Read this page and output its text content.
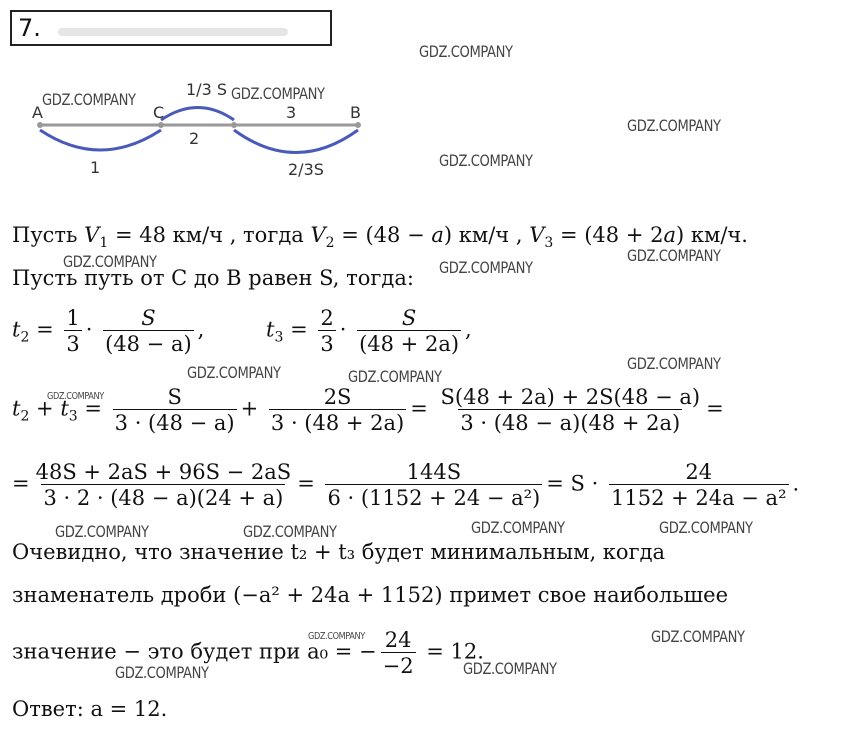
7.
A	C	B
1/3 S
3
2
1	2/3S
Пусть $V_1 = 48$ км/ч , тогда $V_2 = (48 - a)$ км/ч , $V_3 = (48 + 2a)$ км/ч.
Пусть путь от C до B равен S, тогда:
$t_2 = \frac{1}{3} \cdot \frac{S}{(48 - a)}$ ,	$t_3 = \frac{2}{3} \cdot \frac{S}{(48 + 2a)}$ ,
$t_2 + t_3 = \frac{S}{3 \cdot (48 - a)} + \frac{2S}{3 \cdot (48 + 2a)} = \frac{S(48 + 2a) + 2S(48 - a)}{3 \cdot (48 - a)(48 + 2a)}$ =
= $\frac{48S + 2aS + 96S - 2aS}{3 \cdot 2 \cdot (48 - a)(24 + a)} = \frac{144S}{\text{6 · (1152 + 24 − a²)}} = S \cdot \frac{24}{\text{1152 + 24a − a²}}$ .
Очевидно, что значение t₂ + t₃ будет минимальным, когда
знаменатель дроби (−a² + 24a + 1152) примет свое наибольшее
значение − это будет при a₀ = − $\frac{24}{-2} = 12$.
Ответ: a = 12.
GDZ.COMPANY
GDZ.COMPANY	GDZ.COMPANY
GDZ.COMPANY
GDZ.COMPANY
GDZ.COMPANY	GDZ.COMPANY
GDZ.COMPANY
GDZ.COMPANY
GDZ.COMPANY	GDZ.COMPANY
GDZ.COMPANY
GDZ.COMPANY	GDZ.COMPANY	GDZ.COMPANY	GDZ.COMPANY
GDZ.COMPANY	GDZ.COMPANY
GDZ.COMPANY	GDZ.COMPANY
